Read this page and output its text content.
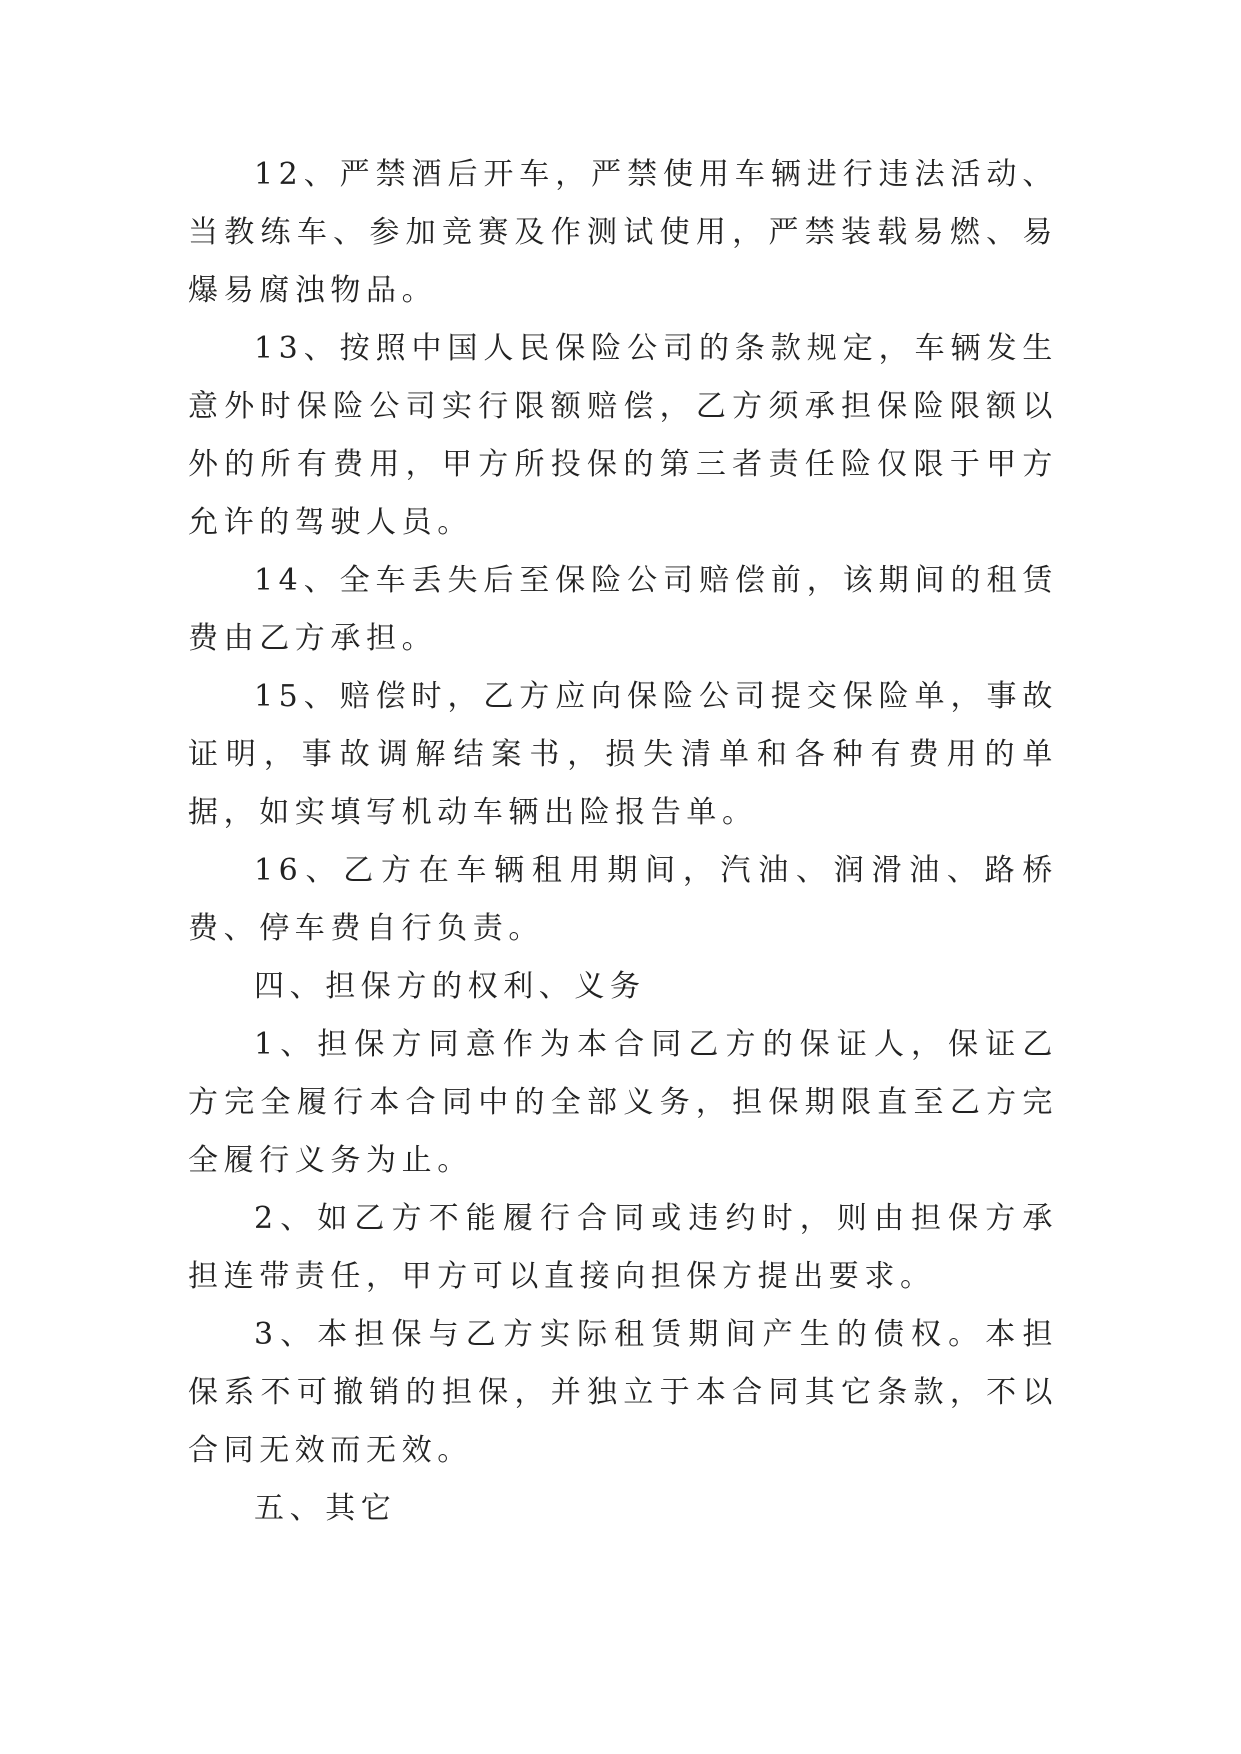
12、严禁酒后开车，严禁使用车辆进行违法活动、当教练车、参加竞赛及作测试使用，严禁装载易燃、易爆易腐浊物品。

13、按照中国人民保险公司的条款规定，车辆发生意外时保险公司实行限额赔偿，乙方须承担保险限额以外的所有费用，甲方所投保的第三者责任险仅限于甲方允许的驾驶人员。

14、全车丢失后至保险公司赔偿前，该期间的租赁费由乙方承担。

15、赔偿时，乙方应向保险公司提交保险单，事故证明，事故调解结案书，损失清单和各种有费用的单据，如实填写机动车辆出险报告单。

16、乙方在车辆租用期间，汽油、润滑油、路桥费、停车费自行负责。

四、担保方的权利、义务

1、担保方同意作为本合同乙方的保证人，保证乙方完全履行本合同中的全部义务，担保期限直至乙方完全履行义务为止。

2、如乙方不能履行合同或违约时，则由担保方承担连带责任，甲方可以直接向担保方提出要求。

3、本担保与乙方实际租赁期间产生的债权。本担保系不可撤销的担保，并独立于本合同其它条款，不以合同无效而无效。

五、其它
